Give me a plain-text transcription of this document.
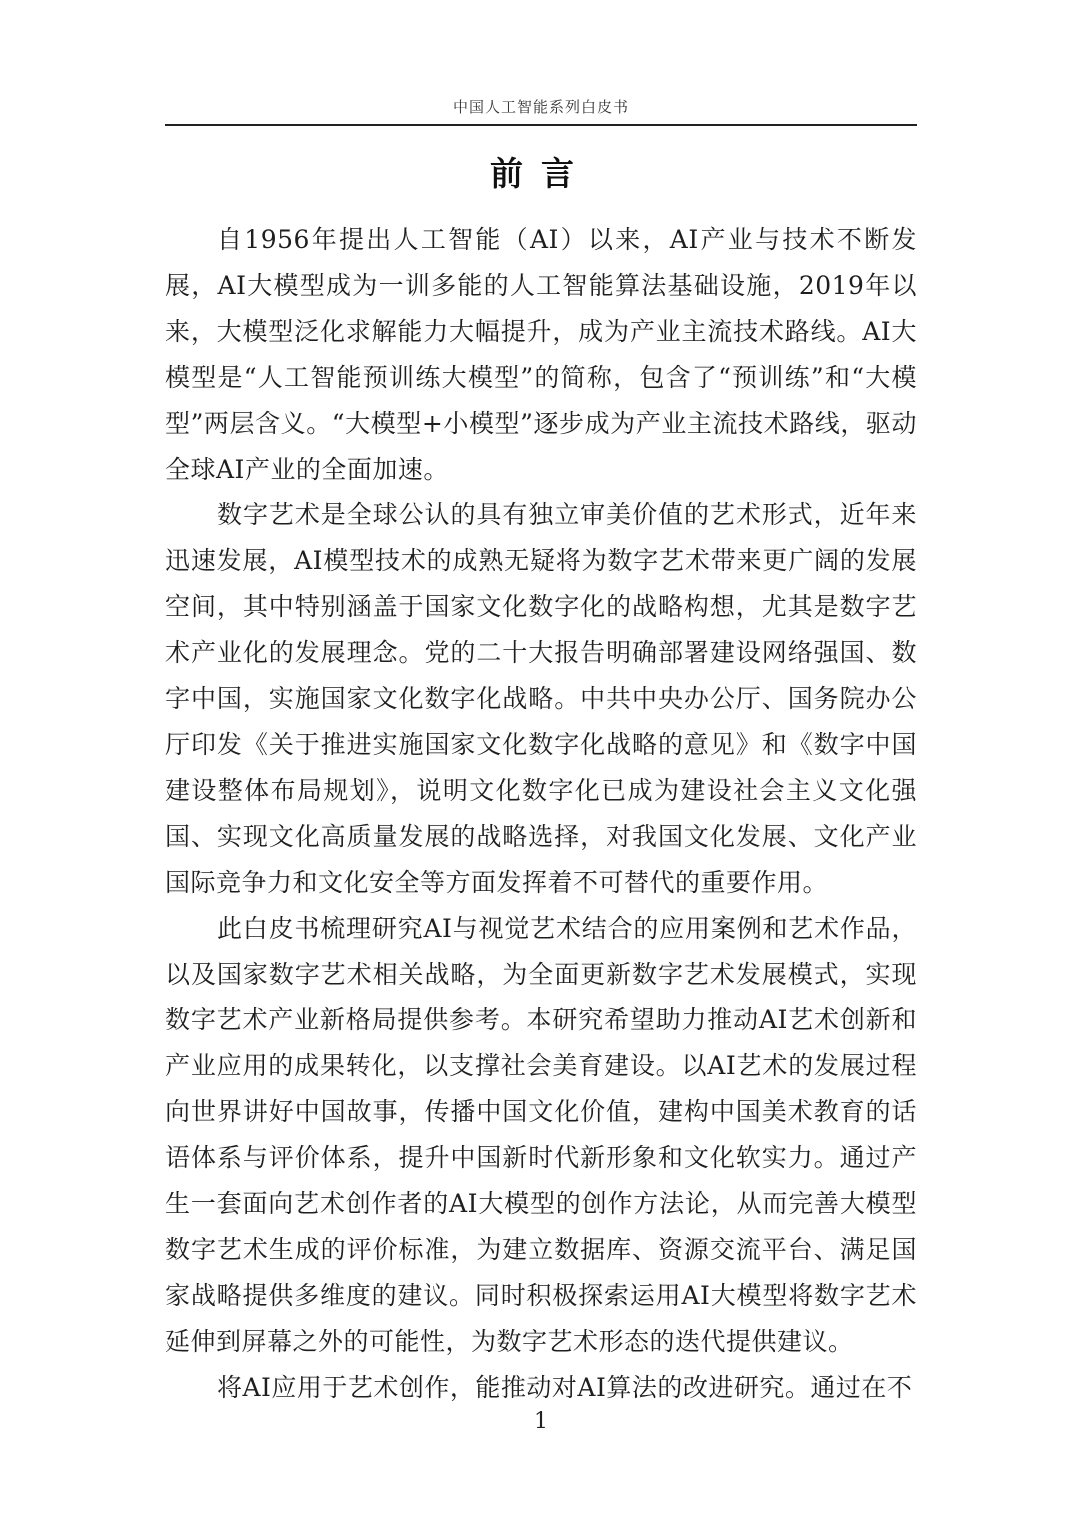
中国人工智能系列白皮书
前言

自1956年提出人工智能（AI）以来，AI产业与技术不断发展，AI大模型成为一训多能的人工智能算法基础设施，2019年以来，大模型泛化求解能力大幅提升，成为产业主流技术路线。AI大模型是“人工智能预训练大模型”的简称，包含了“预训练”和“大模型”两层含义。“大模型+小模型”逐步成为产业主流技术路线，驱动全球AI产业的全面加速。

数字艺术是全球公认的具有独立审美价值的艺术形式，近年来迅速发展，AI模型技术的成熟无疑将为数字艺术带来更广阔的发展空间，其中特别涵盖于国家文化数字化的战略构想，尤其是数字艺术产业化的发展理念。党的二十大报告明确部署建设网络强国、数字中国，实施国家文化数字化战略。中共中央办公厅、国务院办公厅印发《关于推进实施国家文化数字化战略的意见》和《数字中国建设整体布局规划》，说明文化数字化已成为建设社会主义文化强国、实现文化高质量发展的战略选择，对我国文化发展、文化产业国际竞争力和文化安全等方面发挥着不可替代的重要作用。

此白皮书梳理研究AI与视觉艺术结合的应用案例和艺术作品，以及国家数字艺术相关战略，为全面更新数字艺术发展模式，实现数字艺术产业新格局提供参考。本研究希望助力推动AI艺术创新和产业应用的成果转化，以支撑社会美育建设。以AI艺术的发展过程向世界讲好中国故事，传播中国文化价值，建构中国美术教育的话语体系与评价体系，提升中国新时代新形象和文化软实力。通过产生一套面向艺术创作者的AI大模型的创作方法论，从而完善大模型数字艺术生成的评价标准，为建立数据库、资源交流平台、满足国家战略提供多维度的建议。同时积极探索运用AI大模型将数字艺术延伸到屏幕之外的可能性，为数字艺术形态的迭代提供建议。

将AI应用于艺术创作，能推动对AI算法的改进研究。通过在不

1
